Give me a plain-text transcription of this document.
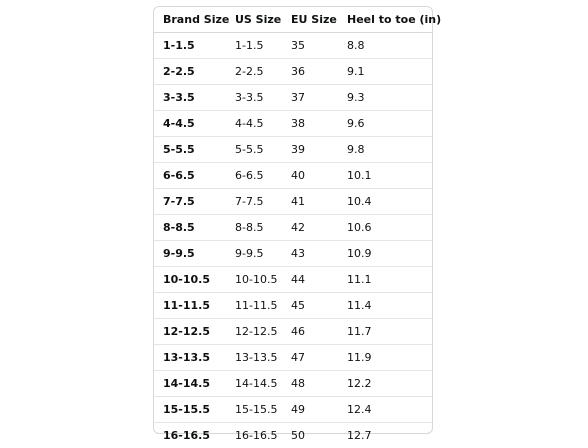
Brand Size	US Size	EU Size	Heel to toe (in)
1-1.5	1-1.5	35	8.8
2-2.5	2-2.5	36	9.1
3-3.5	3-3.5	37	9.3
4-4.5	4-4.5	38	9.6
5-5.5	5-5.5	39	9.8
6-6.5	6-6.5	40	10.1
7-7.5	7-7.5	41	10.4
8-8.5	8-8.5	42	10.6
9-9.5	9-9.5	43	10.9
10-10.5	10-10.5	44	11.1
11-11.5	11-11.5	45	11.4
12-12.5	12-12.5	46	11.7
13-13.5	13-13.5	47	11.9
14-14.5	14-14.5	48	12.2
15-15.5	15-15.5	49	12.4
16-16.5	16-16.5	50	12.7
